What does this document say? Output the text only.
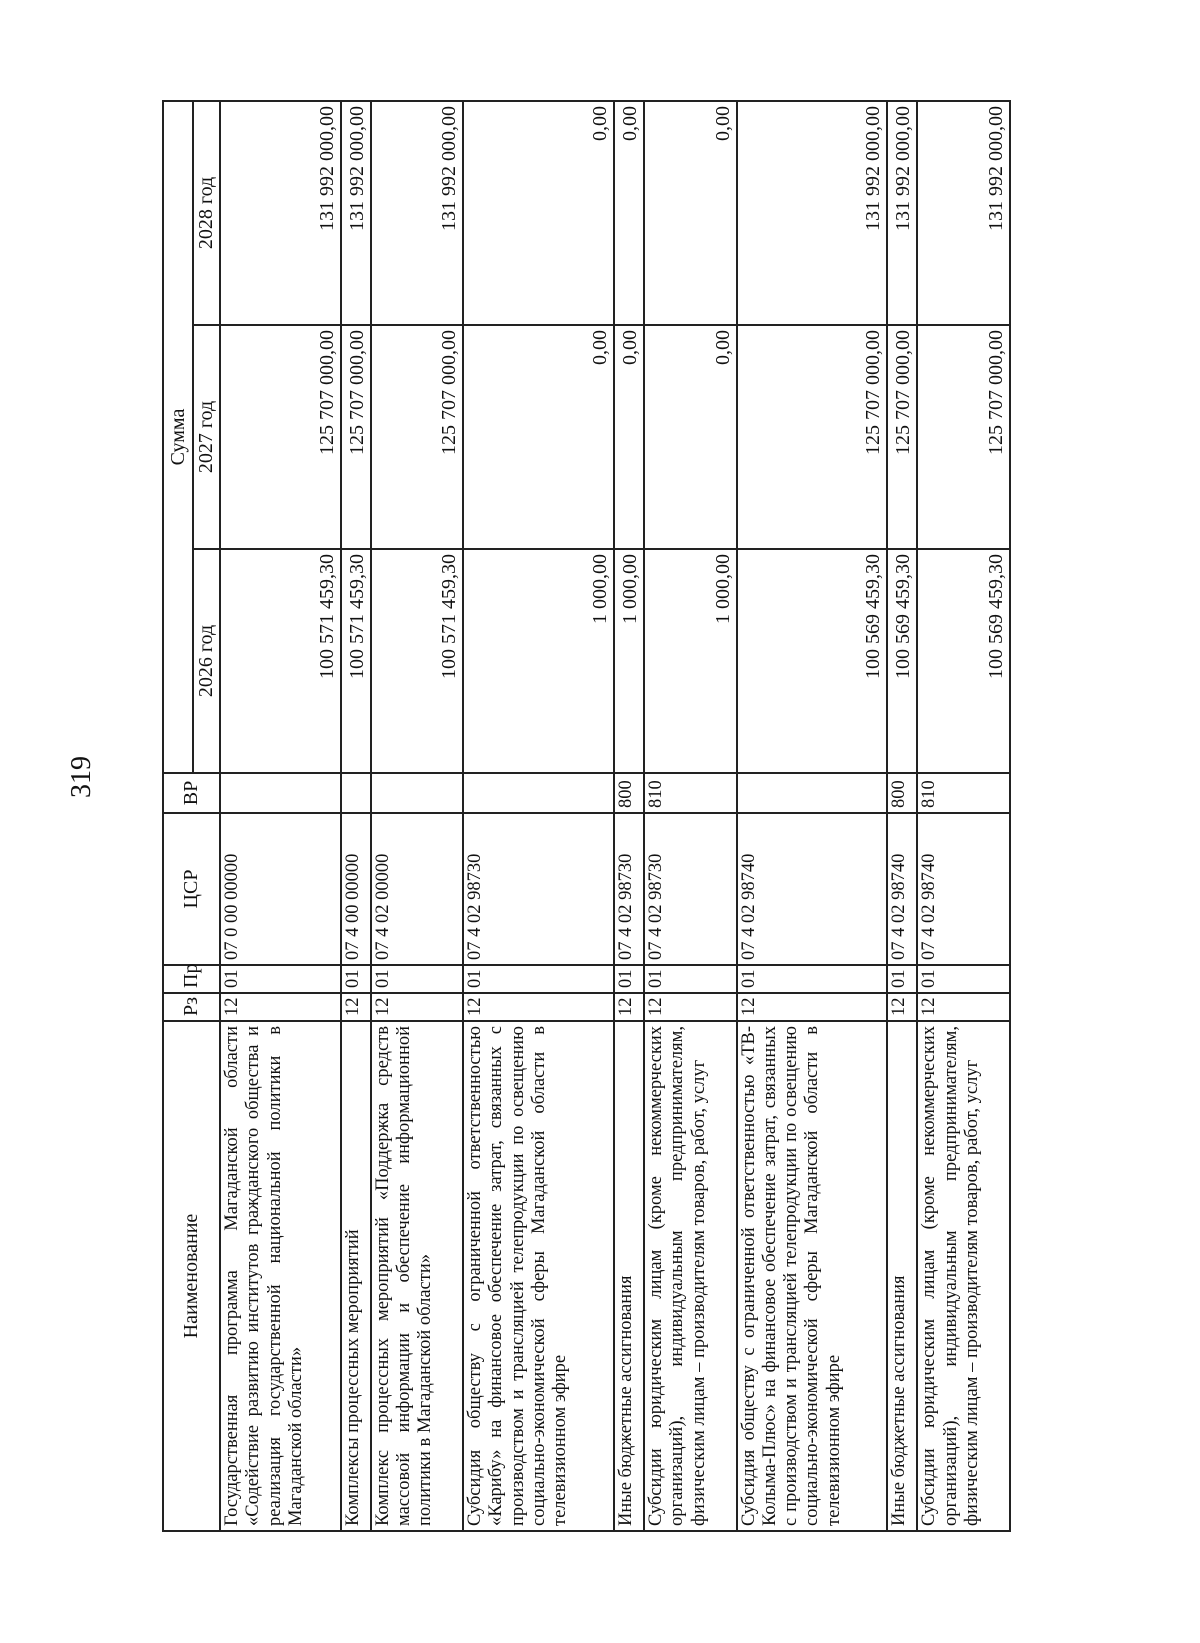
319
Наименование	Рз	Пр	ЦСР	ВР	Сумма		
					2026 год	2027 год	2028 год
Государственная программа Магаданской области «Содействие развитию институтов гражданского общества и реализация государственной национальной политики в Магаданской области»	12	01	07 0 00 00000		100 571 459,30	125 707 000,00	131 992 000,00
Комплексы процессных мероприятий	12	01	07 4 00 00000		100 571 459,30	125 707 000,00	131 992 000,00
Комплекс процессных мероприятий «Поддержка средств массовой информации и обеспечение информационной политики в Магаданской области»	12	01	07 4 02 00000		100 571 459,30	125 707 000,00	131 992 000,00
Субсидия обществу с ограниченной ответственностью «Карибу» на финансовое обеспечение затрат, связанных с производством и трансляцией телепродукции по освещению социально-экономической сферы Магаданской области в телевизионном эфире	12	01	07 4 02 98730		1 000,00	0,00	0,00
Иные бюджетные ассигнования	12	01	07 4 02 98730	800	1 000,00	0,00	0,00
Субсидии юридическим лицам (кроме некоммерческих организаций), индивидуальным предпринимателям, физическим лицам – производителям товаров, работ, услуг	12	01	07 4 02 98730	810	1 000,00	0,00	0,00
Субсидия обществу с ограниченной ответственностью «ТВ-Колыма-Плюс» на финансовое обеспечение затрат, связанных с производством и трансляцией телепродукции по освещению социально-экономической сферы Магаданской области в телевизионном эфире	12	01	07 4 02 98740		100 569 459,30	125 707 000,00	131 992 000,00
Иные бюджетные ассигнования	12	01	07 4 02 98740	800	100 569 459,30	125 707 000,00	131 992 000,00
Субсидии юридическим лицам (кроме некоммерческих организаций), индивидуальным предпринимателям, физическим лицам – производителям товаров, работ, услуг	12	01	07 4 02 98740	810	100 569 459,30	125 707 000,00	131 992 000,00
